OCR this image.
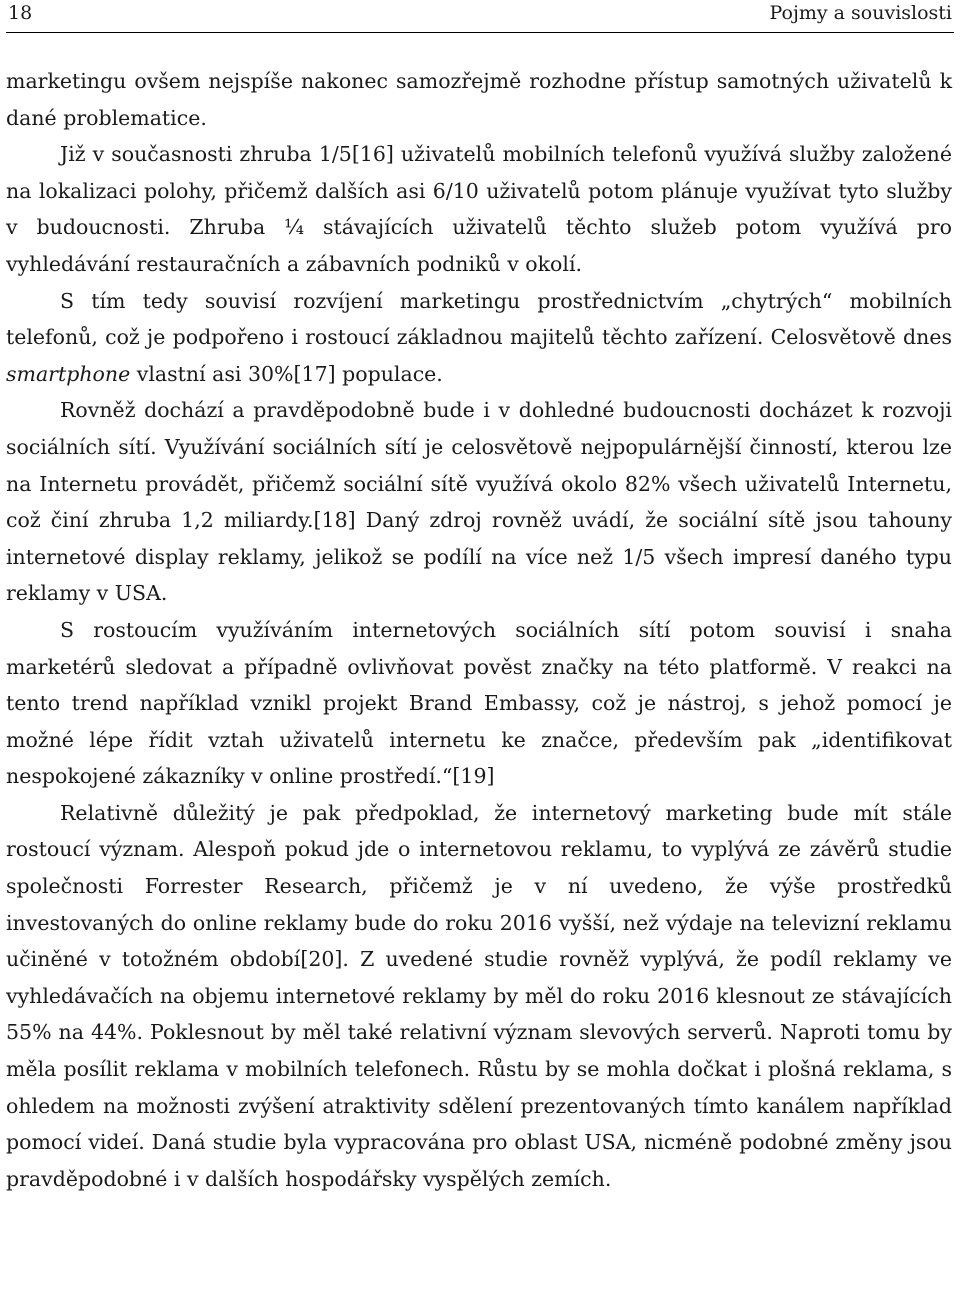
18	Pojmy a souvislosti

marketingu ovšem nejspíše nakonec samozřejmě rozhodne přístup samotných uživatelů k dané problematice.

Již v současnosti zhruba 1/5[16] uživatelů mobilních telefonů využívá služby založené na lokalizaci polohy, přičemž dalších asi 6/10 uživatelů potom plánuje využívat tyto služby v budoucnosti. Zhruba ¼ stávajících uživatelů těchto služeb potom využívá pro vyhledávání restauračních a zábavních podniků v okolí.

S tím tedy souvisí rozvíjení marketingu prostřednictvím „chytrých“ mobilních telefonů, což je podpořeno i rostoucí základnou majitelů těchto zařízení. Celosvětově dnes smartphone vlastní asi 30%[17] populace.

Rovněž dochází a pravděpodobně bude i v dohledné budoucnosti docházet k rozvoji sociálních sítí. Využívání sociálních sítí je celosvětově nejpopulárnější činností, kterou lze na Internetu provádět, přičemž sociální sítě využívá okolo 82% všech uživatelů Internetu, což činí zhruba 1,2 miliardy.[18] Daný zdroj rovněž uvádí, že sociální sítě jsou tahouny internetové display reklamy, jelikož se podílí na více než 1/5 všech impresí daného typu reklamy v USA.

S rostoucím využíváním internetových sociálních sítí potom souvisí i snaha marketérů sledovat a případně ovlivňovat pověst značky na této platformě. V reakci na tento trend například vznikl projekt Brand Embassy, což je nástroj, s jehož pomocí je možné lépe řídit vztah uživatelů internetu ke značce, především pak „identifikovat nespokojené zákazníky v online prostředí.“[19]

Relativně důležitý je pak předpoklad, že internetový marketing bude mít stále rostoucí význam. Alespoň pokud jde o internetovou reklamu, to vyplývá ze závěrů studie společnosti Forrester Research, přičemž je v ní uvedeno, že výše prostředků investovaných do online reklamy bude do roku 2016 vyšší, než výdaje na televizní reklamu učiněné v totožném období[20]. Z uvedené studie rovněž vyplývá, že podíl reklamy ve vyhledávačích na objemu internetové reklamy by měl do roku 2016 klesnout ze stávajících 55% na 44%. Poklesnout by měl také relativní význam slevových serverů. Naproti tomu by měla posílit reklama v mobilních telefonech. Růstu by se mohla dočkat i plošná reklama, s ohledem na možnosti zvýšení atraktivity sdělení prezentovaných tímto kanálem například pomocí videí. Daná studie byla vypracována pro oblast USA, nicméně podobné změny jsou pravděpodobné i v dalších hospodářsky vyspělých zemích.
